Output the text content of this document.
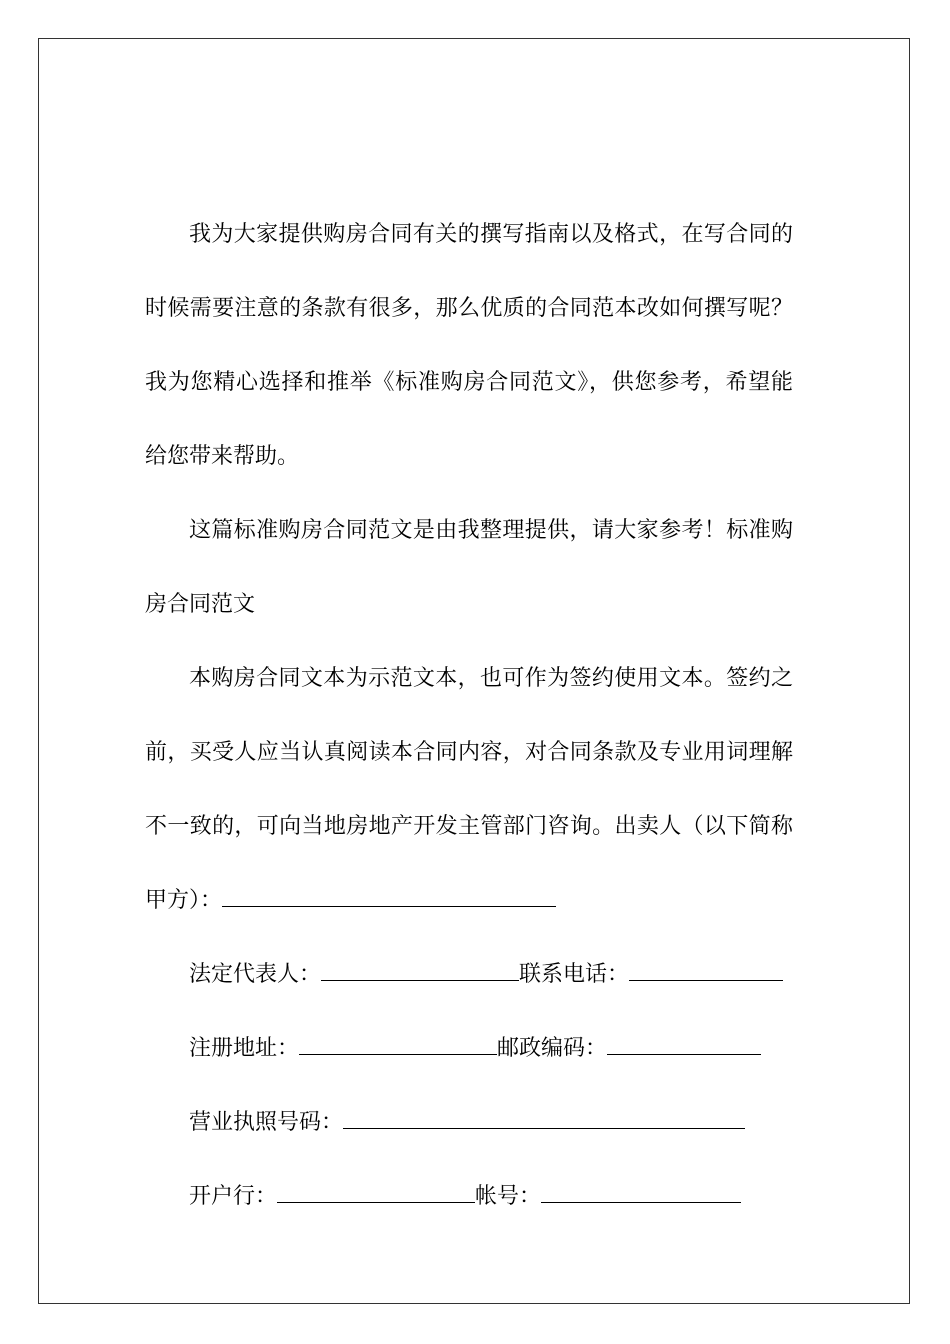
我为大家提供购房合同有关的撰写指南以及格式，在写合同的时候需要注意的条款有很多，那么优质的合同范本改如何撰写呢？我为您精心选择和推举《标准购房合同范文》，供您参考，希望能给您带来帮助。

这篇标准购房合同范文是由我整理提供，请大家参考！标准购房合同范文

本购房合同文本为示范文本，也可作为签约使用文本。签约之前，买受人应当认真阅读本合同内容，对合同条款及专业用词理解不一致的，可向当地房地产开发主管部门咨询。出卖人（以下简称甲方）：

法定代表人：	联系电话：

注册地址：	邮政编码：

营业执照号码：

开户行：	帐号：
